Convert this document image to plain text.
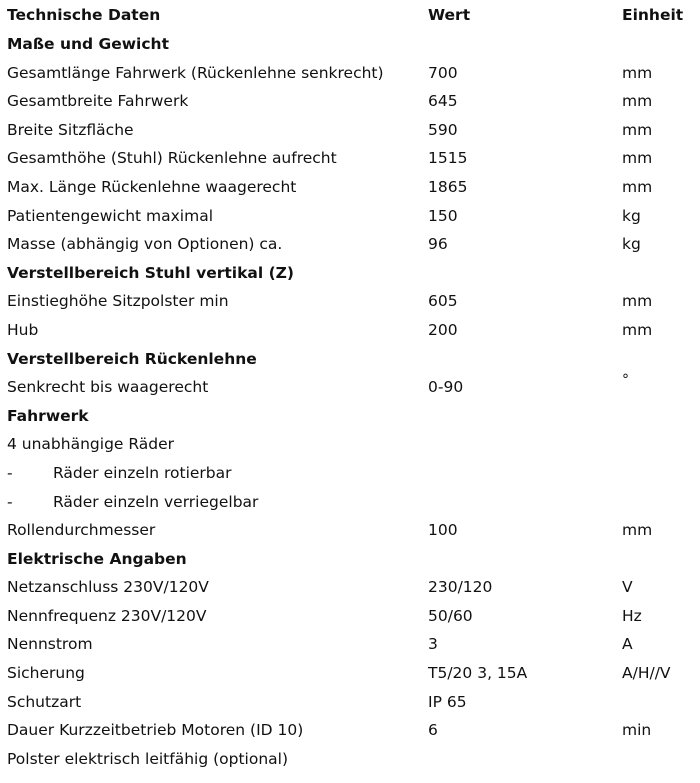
Technische Daten	Wert	Einheit
Maße und Gewicht
Gesamtlänge Fahrwerk (Rückenlehne senkrecht)	700	mm
Gesamtbreite Fahrwerk	645	mm
Breite Sitzfläche	590	mm
Gesamthöhe (Stuhl) Rückenlehne aufrecht	1515	mm
Max. Länge Rückenlehne waagerecht	1865	mm
Patientengewicht maximal	150	kg
Masse (abhängig von Optionen) ca.	96	kg
Verstellbereich Stuhl vertikal (Z)
Einstieghöhe Sitzpolster min	605	mm
Hub	200	mm
Verstellbereich Rückenlehne
Senkrecht bis waagerecht	0-90	°
Fahrwerk
4 unabhängige Räder
-	Räder einzeln rotierbar
-	Räder einzeln verriegelbar
Rollendurchmesser	100	mm
Elektrische Angaben
Netzanschluss 230V/120V	230/120	V
Nennfrequenz 230V/120V	50/60	Hz
Nennstrom	3	A
Sicherung	T5/20 3, 15A	A/H//V
Schutzart	IP 65
Dauer Kurzzeitbetrieb Motoren (ID 10)	6	min
Polster elektrisch leitfähig (optional)
